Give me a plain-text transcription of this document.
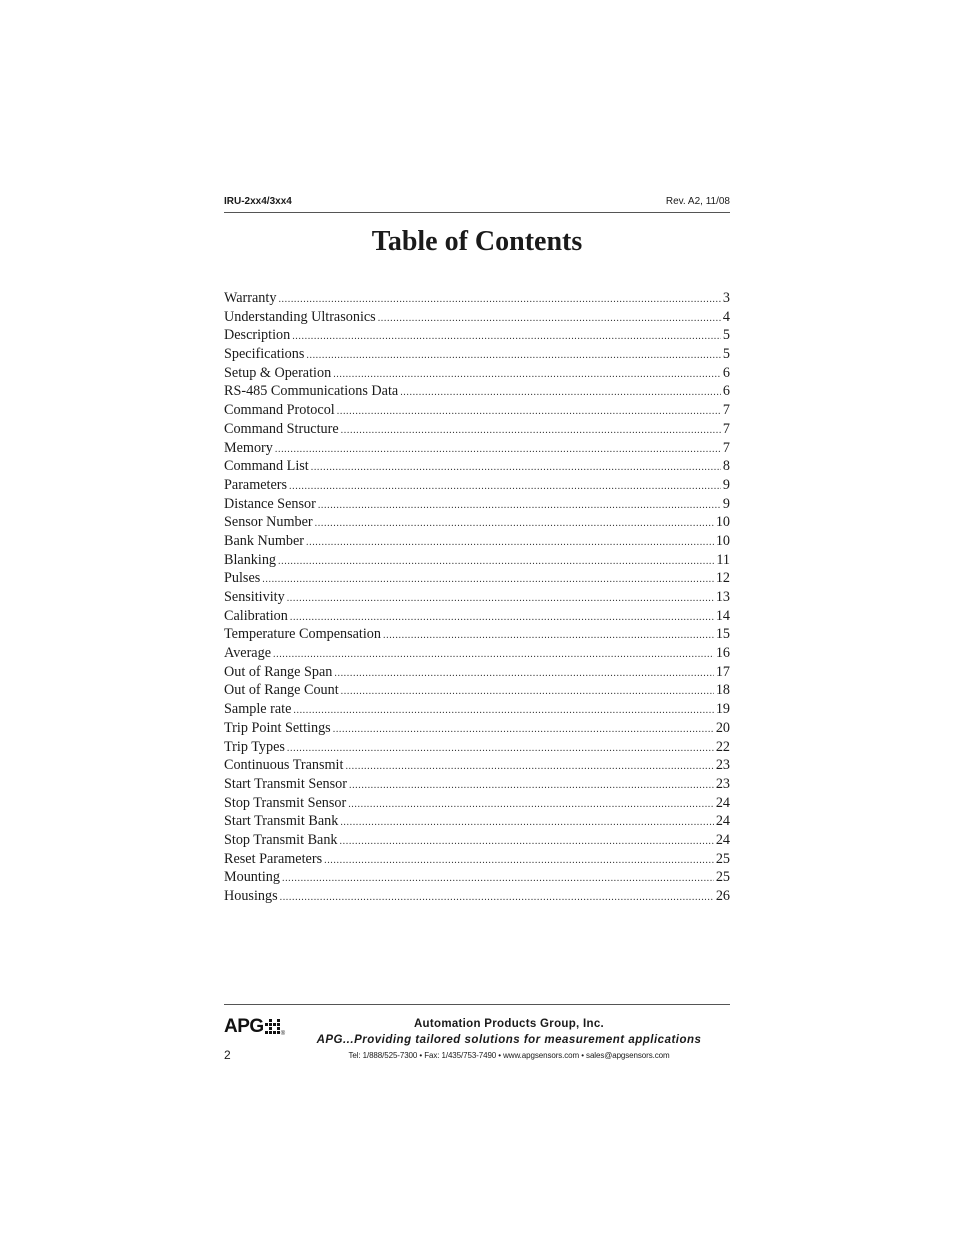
IRU-2xx4/3xx4	Rev. A2, 11/08
Table of Contents
Warranty .....	3
Understanding Ultrasonics .....	4
Description .....	5
Specifications .....	5
Setup & Operation .....	6
RS-485 Communications Data .....	6
Command Protocol .....	7
Command Structure .....	7
Memory .....	7
Command List .....	8
Parameters .....	9
Distance Sensor .....	9
Sensor Number .....	10
Bank Number .....	10
Blanking .....	11
Pulses .....	12
Sensitivity .....	13
Calibration .....	14
Temperature Compensation .....	15
Average .....	16
Out of Range Span .....	17
Out of Range Count .....	18
Sample rate .....	19
Trip Point Settings .....	20
Trip Types .....	22
Continuous Transmit .....	23
Start Transmit Sensor .....	23
Stop Transmit Sensor .....	24
Start Transmit Bank .....	24
Stop Transmit Bank .....	24
Reset Parameters .....	25
Mounting .....	25
Housings .....	26
APG	®
2
Automation Products Group, Inc.
APG...Providing tailored solutions for measurement applications
Tel: 1/888/525-7300 • Fax: 1/435/753-7490 • www.apgsensors.com • sales@apgsensors.com
